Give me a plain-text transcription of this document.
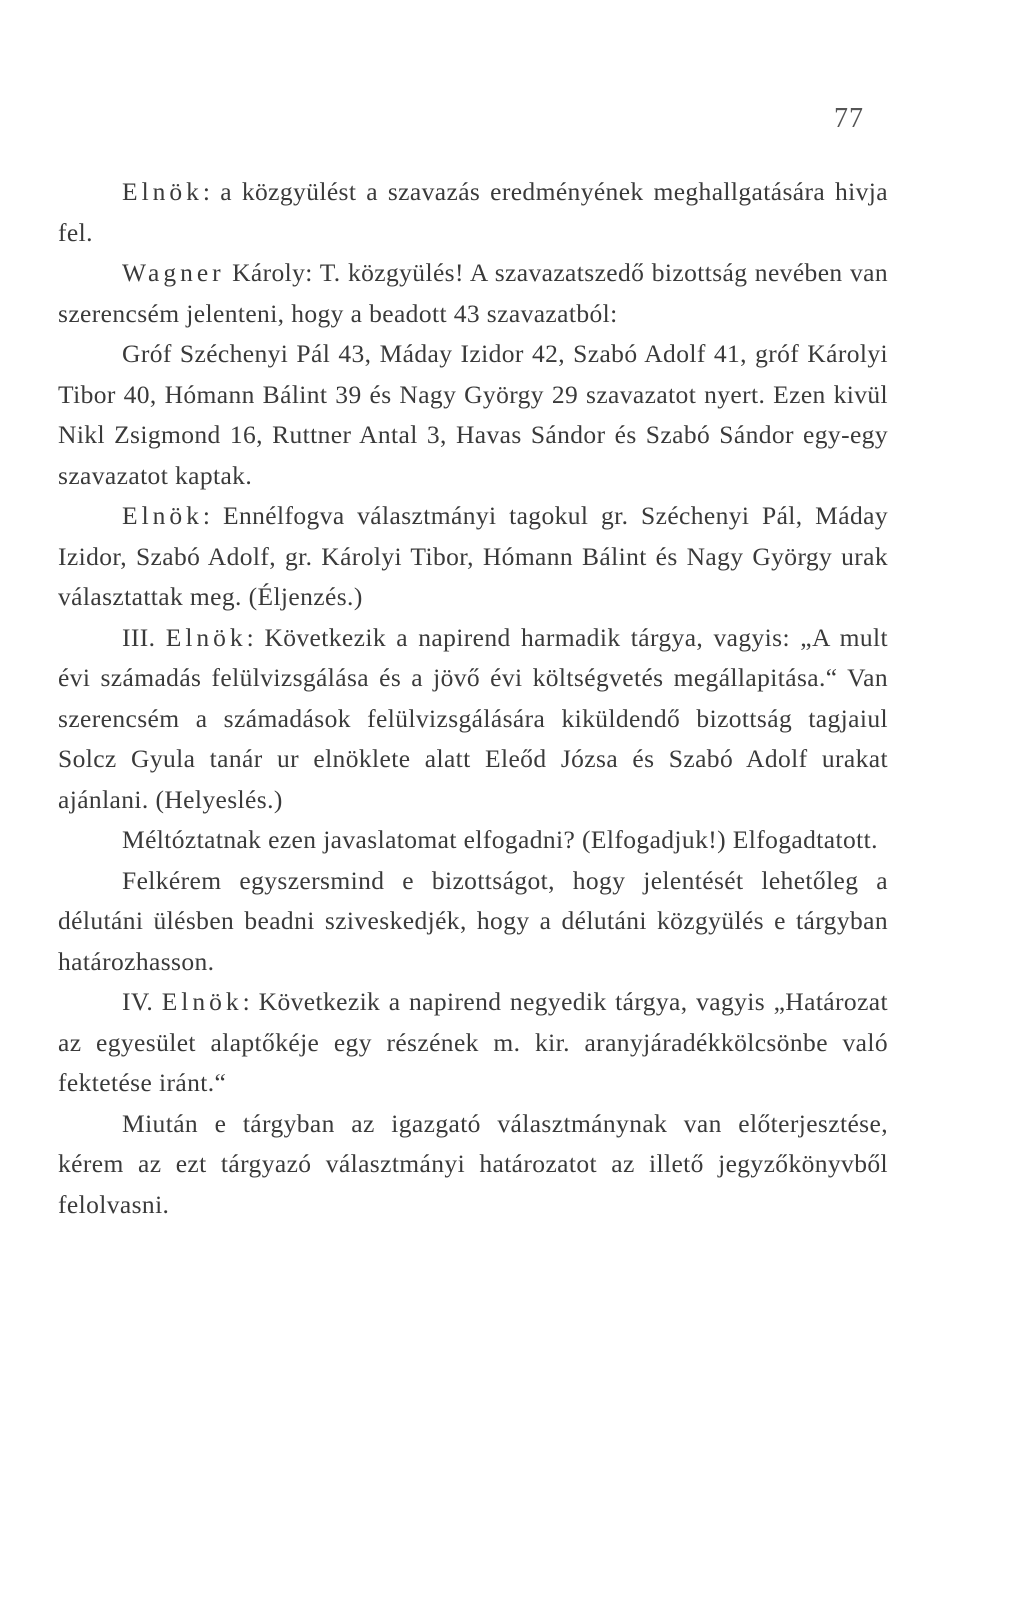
77

Elnök: a közgyülést a szavazás eredményének meghallgatására hivja fel.

Wagner Károly: T. közgyülés! A szavazatszedő bizottság nevében van szerencsém jelenteni, hogy a beadott 43 szavazatból:

Gróf Széchenyi Pál 43, Máday Izidor 42, Szabó Adolf 41, gróf Károlyi Tibor 40, Hómann Bálint 39 és Nagy György 29 szavazatot nyert. Ezen kivül Nikl Zsigmond 16, Ruttner Antal 3, Havas Sándor és Szabó Sándor egy-egy szavazatot kaptak.

Elnök: Ennélfogva választmányi tagokul gr. Széchenyi Pál, Máday Izidor, Szabó Adolf, gr. Károlyi Tibor, Hómann Bálint és Nagy György urak választattak meg. (Éljenzés.)

III. Elnök: Következik a napirend harmadik tárgya, vagyis: „A mult évi számadás felülvizsgálása és a jövő évi költségvetés megállapitása.“ Van szerencsém a számadások felülvizsgálására kiküldendő bizottság tagjaiul Solcz Gyula tanár ur elnöklete alatt Eleőd Józsa és Szabó Adolf urakat ajánlani. (Helyeslés.)

Méltóztatnak ezen javaslatomat elfogadni? (Elfogadjuk!) Elfogadtatott.

Felkérem egyszersmind e bizottságot, hogy jelentését lehetőleg a délutáni ülésben beadni sziveskedjék, hogy a délutáni közgyülés e tárgyban határozhasson.

IV. Elnök: Következik a napirend negyedik tárgya, vagyis „Határozat az egyesület alaptőkéje egy részének m. kir. aranyjáradékkölcsönbe való fektetése iránt.“

Miután e tárgyban az igazgató választmánynak van előterjesztése, kérem az ezt tárgyazó választmányi határozatot az illető jegyzőkönyvből felolvasni.
